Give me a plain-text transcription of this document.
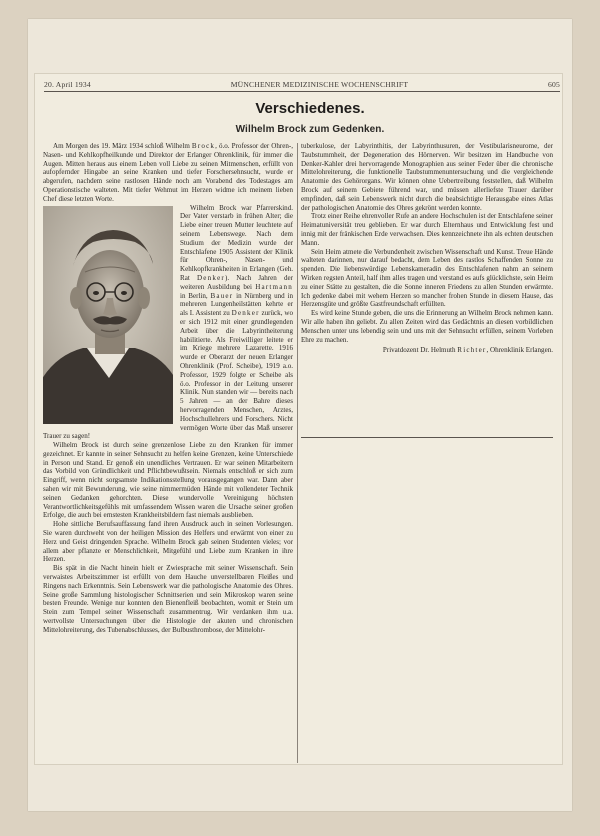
20. April 1934	MÜNCHENER MEDIZINISCHE WOCHENSCHRIFT	605
Verschiedenes.
Wilhelm Brock zum Gedenken.

Am Morgen des 19. März 1934 schloß Wilhelm Brock, ö.o. Professor der Ohren-, Nasen- und Kehlkopfheilkunde und Direktor der Erlanger Ohrenklinik, für immer die Augen. Mitten heraus aus einem Leben voll Liebe zu seinen Mitmenschen, erfüllt von aufopfernder Hingabe an seine Kranken und tiefer Forschersehnsucht, wurde er abgerufen, nachdem seine rastlosen Hände noch am Vorabend des Todestages am Operationstische walteten. Mit tiefer Wehmut im Herzen widme ich meinem lieben Chef diese letzten Worte.

Wilhelm Brock war Pfarrerskind. Der Vater verstarb in frühen Alter; die Liebe einer treuen Mutter leuchtete auf seinem Lebenswege. Nach dem Studium der Medizin wurde der Entschlafene 1905 Assistent der Klinik für Ohren-, Nasen- und Kehlkopfkrankheiten in Erlangen (Geh. Rat Denker). Nach Jahren der weiteren Ausbildung bei Hartmann in Berlin, Bauer in Nürnberg und in mehreren Lungenheilstätten kehrte er als I. Assistent zu Denker zurück, wo er sich 1912 mit einer grundlegenden Arbeit über die Labyrintheiterung habilitierte. Als Freiwilliger leitete er im Kriege mehrere Lazarette. 1916 wurde er Oberarzt der neuen Erlanger Ohrenklinik (Prof. Scheibe), 1919 a.o. Professor, 1929 folgte er Scheibe als ö.o. Professor in der Leitung unserer Klinik. Nun standen wir — bereits nach 5 Jahren — an der Bahre dieses hervorragenden Menschen, Arztes, Hochschullehrers und Forschers. Nicht vermögen Worte über das Maß unserer Trauer zu sagen!

Wilhelm Brock ist durch seine grenzenlose Liebe zu den Kranken für immer gezeichnet. Er kannte in seiner Sehnsucht zu helfen keine Grenzen, keine Unterschiede in Person und Stand. Er genoß ein unendliches Vertrauen. Er war seinen Mitarbeitern das Vorbild von Gründlichkeit und Pflichtbewußtsein. Niemals entschloß er sich zum Eingriff, wenn nicht sorgsamste Indikationsstellung vorausgegangen war. Dann aber sahen wir mit Bewunderung, wie seine nimmermüden Hände mit vollendeter Technik seinen Gedanken gehorchten. Diese wundervolle Vereinigung höchsten Verantwortlichkeitsgefühls mit umfassendem Wissen waren die Ursache seiner großen Erfolge, die auch bei ernstesten Krankheitsbildern fast niemals ausblieben.

Hohe sittliche Berufsauffassung fand ihren Ausdruck auch in seinen Vorlesungen. Sie waren durchweht von der heiligen Mission des Helfers und erwärmt von einer zu Herz und Geist dringenden Sprache. Wilhelm Brock gab seinen Studenten vieles; vor allem aber pflanzte er Menschlichkeit, Mitgefühl und Liebe zum Kranken in ihre Herzen.

Bis spät in die Nacht hinein hielt er Zwiesprache mit seiner Wissenschaft. Sein verwaistes Arbeitszimmer ist erfüllt von dem Hauche unverstellbaren Fleißes und Ringens nach Erkenntnis. Sein Lebenswerk war die pathologische Anatomie des Ohres. Seine große Sammlung histologischer Schnittserien und sein Mikroskop waren seine besten Freunde. Wenige nur konnten den Bienenfleiß beobachten, womit er Stein um Stein zum Tempel seiner Wissenschaft zusammentrug. Wir verdanken ihm u.a. wertvollste Untersuchungen über die Histologie der akuten und chronischen Mittelohreiterung, des Tubenabschlusses, der Bulbusthrombose, der Mittelohr-

tuberkulose, der Labyrinthitis, der Labyrinthusuren, der Vestibularisneurome, der Taubstummheit, der Degeneration des Hörnerven. Wir besitzen im Handbuche von Denker-Kahler drei hervorragende Monographien aus seiner Feder über die chronische Mittelohreiterung, die funktionelle Taubstummenuntersuchung und die vergleichende Anatomie des Gehörorgans. Wir können ohne Uebertreibung feststellen, daß Wilhelm Brock auf seinem Gebiete führend war, und müssen allerliefste Trauer darüber empfinden, daß sein Lebenswerk nicht durch die beabsichtigte Herausgabe eines Atlas der pathologischen Anatomie des Ohres gekrönt werden konnte.

Trotz einer Reihe ehrenvoller Rufe an andere Hochschulen ist der Entschlafene seiner Heimatuniversität treu geblieben. Er war durch Elternhaus und Entwicklung fest und innig mit der fränkischen Erde verwachsen. Dies kennzeichnete ihn als echten deutschen Mann.

Sein Heim atmete die Verbundenheit zwischen Wissenschaft und Kunst. Treue Hände walteten darinnen, nur darauf bedacht, dem Leben des rastlos Schaffenden Sonne zu spenden. Die liebenswürdige Lebenskameradin des Entschlafenen nahm an seinem Wirken regsten Anteil, half ihm alles tragen und verstand es aufs glücklichste, sein Heim zu einer Stätte zu gestalten, die die Sonne inneren Friedens zu allen Stunden erwärmte. Ich gedenke dabei mit wehem Herzen so mancher frohen Stunde in diesem Hause, das Herzensgüte und größte Gastfreundschaft erfüllten.

Es wird keine Stunde geben, die uns die Erinnerung an Wilhelm Brock nehmen kann. Wir alle haben ihn geliebt. Zu allen Zeiten wird das Gedächtnis an diesen vorbildlichen Menschen unter uns lebendig sein und uns mit der Sehnsucht erfüllen, seinem Vorleben Ehre zu machen.

Privatdozent Dr. Helmuth Richter, Ohrenklinik Erlangen.
